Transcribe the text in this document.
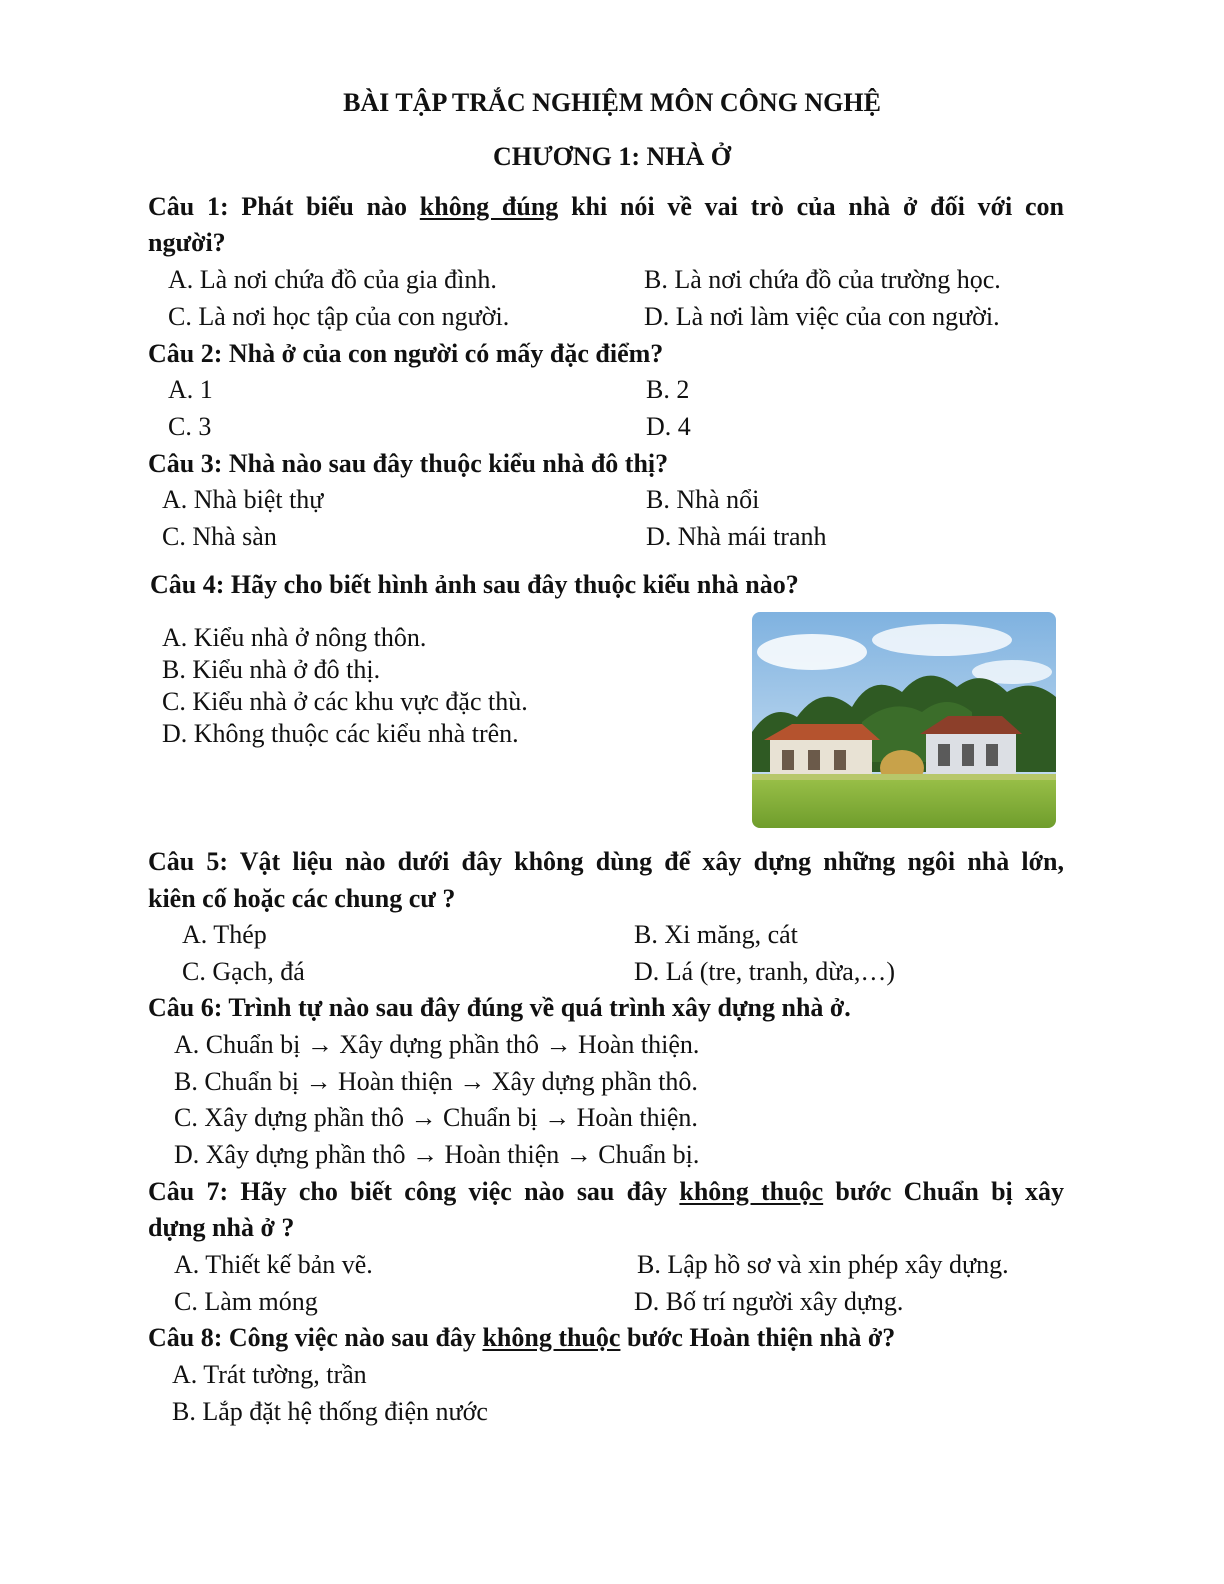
BÀI TẬP TRẮC NGHIỆM MÔN CÔNG NGHỆ
CHƯƠNG 1: NHÀ Ở
Câu 1: Phát biểu nào không đúng khi nói về vai trò của nhà ở đối với con
người?
A. Là nơi chứa đồ của gia đình.	B. Là nơi chứa đồ của trường học.
C. Là nơi học tập của con người.	D. Là nơi làm việc của con người.
Câu 2: Nhà ở của con người có mấy đặc điểm?
A. 1	B. 2
C. 3	D. 4
Câu 3: Nhà nào sau đây thuộc kiểu nhà đô thị?
A. Nhà biệt thự	B. Nhà nổi
C. Nhà sàn	D. Nhà mái tranh
Câu 4: Hãy cho biết hình ảnh sau đây thuộc kiểu nhà nào?
A. Kiểu nhà ở nông thôn.
B. Kiểu nhà ở đô thị.
C. Kiểu nhà ở các khu vực đặc thù.
D. Không thuộc các kiểu nhà trên.
Câu 5: Vật liệu nào dưới đây không dùng để xây dựng những ngôi nhà lớn,
kiên cố hoặc các chung cư ?
A. Thép	B. Xi măng, cát
C. Gạch, đá	D. Lá (tre, tranh, dừa,…)
Câu 6: Trình tự nào sau đây đúng về quá trình xây dựng nhà ở.
A. Chuẩn bị → Xây dựng phần thô → Hoàn thiện.
B. Chuẩn bị → Hoàn thiện → Xây dựng phần thô.
C. Xây dựng phần thô → Chuẩn bị → Hoàn thiện.
D. Xây dựng phần thô → Hoàn thiện → Chuẩn bị.
Câu 7: Hãy cho biết công việc nào sau đây không thuộc bước Chuẩn bị xây
dựng nhà ở ?
A. Thiết kế bản vẽ.	B. Lập hồ sơ và xin phép xây dựng.
C. Làm móng	D. Bố trí người xây dựng.
Câu 8: Công việc nào sau đây không thuộc bước Hoàn thiện nhà ở?
A. Trát tường, trần
B. Lắp đặt hệ thống điện nước
